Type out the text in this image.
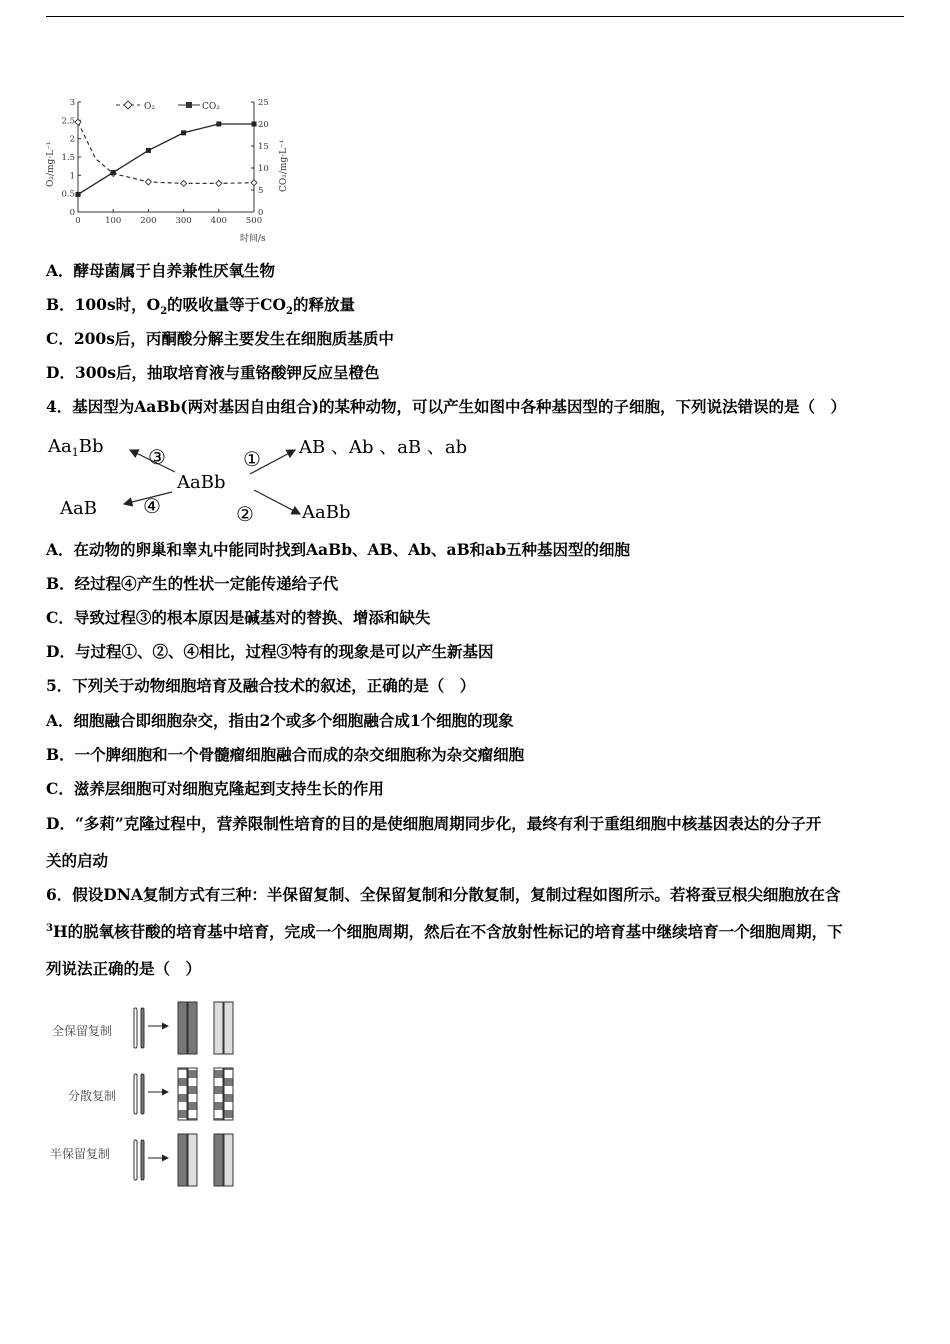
0	100 200 300 400 500
0
0.5
1
1.5
2
2.5
3
0
5
10
15
20
25
O₂	CO₂
O₂/mg·L⁻¹	CO₂/mg·L⁻¹
时间/s
A．酵母菌属于自养兼性厌氧生物
B．100s时，$O_2$的吸收量等于$CO_2$的释放量
C．200s后，丙酮酸分解主要发生在细胞质基质中
D．300s后，抽取培育液与重铬酸钾反应呈橙色
4．基因型为AaBb(两对基因自由组合)的某种动物，可以产生如图中各种基因型的子细胞，下列说法错误的是（　）
AaBb
① AB 、Ab 、aB 、ab
②	AaBb
③
$Aa_1Bb$
④
AaB
A．在动物的卵巢和睾丸中能同时找到AaBb、AB、Ab、aB和ab五种基因型的细胞
B．经过程④产生的性状一定能传递给子代
C．导致过程③的根本原因是碱基对的替换、增添和缺失
D．与过程①、②、④相比，过程③特有的现象是可以产生新基因
5．下列关于动物细胞培育及融合技术的叙述，正确的是（　）
A．细胞融合即细胞杂交，指由2个或多个细胞融合成1个细胞的现象
B．一个脾细胞和一个骨髓瘤细胞融合而成的杂交细胞称为杂交瘤细胞
C．滋养层细胞可对细胞克隆起到支持生长的作用
D．“多莉”克隆过程中，营养限制性培育的目的是使细胞周期同步化，最终有利于重组细胞中核基因表达的分子开
关的启动
6．假设DNA复制方式有三种：半保留复制、全保留复制和分散复制，复制过程如图所示。若将蚕豆根尖细胞放在含
$^3$H的脱氧核苷酸的培育基中培育，完成一个细胞周期，然后在不含放射性标记的培育基中继续培育一个细胞周期，下
列说法正确的是（　）
全保留复制
分散复制
半保留复制
